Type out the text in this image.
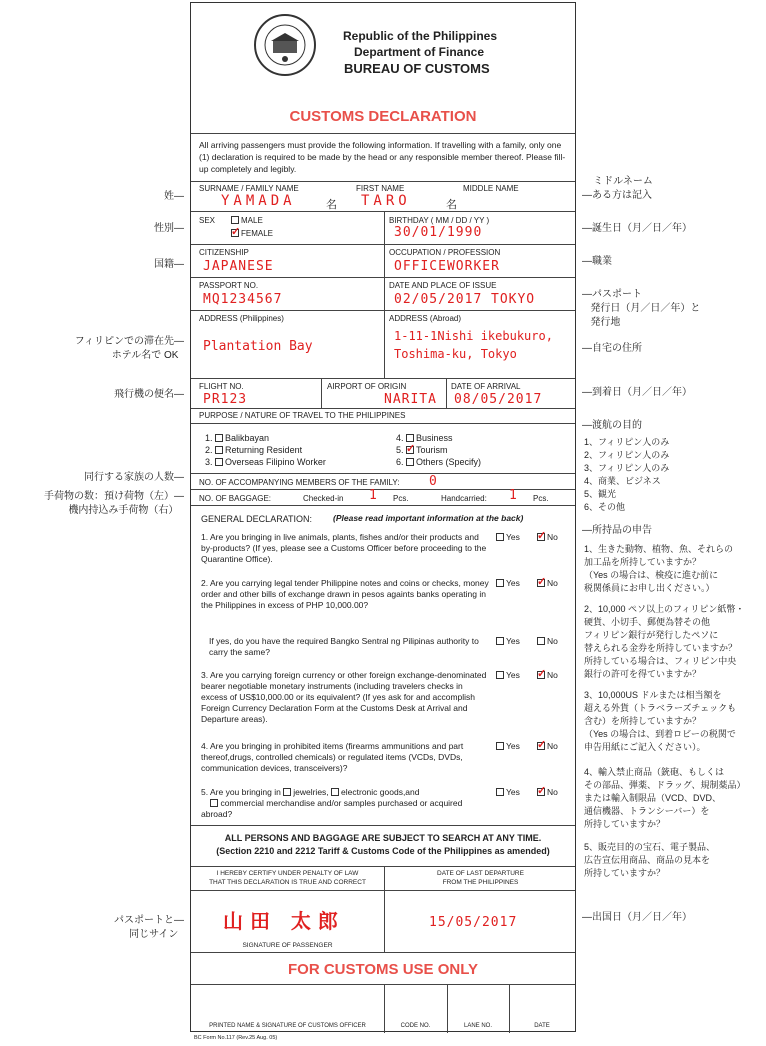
Republic of the Philippines
Department of Finance
BUREAU OF CUSTOMS
CUSTOMS DECLARATION
All arriving passengers must provide the following information. If travelling with a family, only one (1) declaration is required to be made by the head or any responsible member thereof. Please fill-up completely and legibly.
SURNAME / FAMILY NAME	FIRST NAME	MIDDLE NAME
YAMADA	TARO
名	名
SEX	MALE
✓FEMALE
BIRTHDAY ( MM / DD / YY )
30/01/1990
CITIZENSHIP
JAPANESE
OCCUPATION / PROFESSION
OFFICEWORKER
PASSPORT NO.
MQ1234567
DATE AND PLACE OF ISSUE
02/05/2017 TOKYO
ADDRESS (Philippines)
Plantation Bay
ADDRESS (Abroad)
1-11-1Nishi ikebukuro,
Toshima-ku, Tokyo
FLIGHT NO.
PR123
AIRPORT OF ORIGIN
NARITA
DATE OF ARRIVAL
08/05/2017
PURPOSE / NATURE OF TRAVEL TO THE PHILIPPINES
1. Balikbayan
2. Returning Resident
3. Overseas Filipino Worker
4. Business
5. ✓ Tourism
6. Others (Specify)
NO. OF ACCOMPANYING MEMBERS OF THE FAMILY: 0
NO. OF BAGGAGE:	Checked-in 1 Pcs.	Handcarried: 1 Pcs.
GENERAL DECLARATION: (Please read important information at the back)
1. Are you bringing in live animals, plants, fishes and/or their products and by-products? (If yes, please see a Customs Officer before proceeding to the Quarantine Office).
Yes ✓	No
2. Are you carrying legal tender Philippine notes and coins or checks, money order and other bills of exchange drawn in pesos againts banks operating in the Philippines in excess of PHP 10,000.00?
Yes ✓	No
If yes, do you have the required Bangko Sentral ng Pilipinas authority to carry the same?
Yes	No
3. Are you carrying foreign currency or other foreign exchange-denominated bearer negotiable monetary instruments (including travelers checks in excess of US$10,000.00 or its equivalent? (If yes ask for and accomplish Foreign Currency Declaration Form at the Customs Desk at Arrival and Departure areas).
Yes ✓	No
4. Are you bringing in prohibited items (firearms ammunitions and part thereof,drugs, controlled chemicals) or regulated items (VCDs, DVDs, communication devices, transceivers)?
Yes ✓	No
5. Are you bringing in jewelries, electronic goods,and
commercial merchandise and/or samples purchased or acquired abroad?
Yes ✓	No
ALL PERSONS AND BAGGAGE ARE SUBJECT TO SEARCH AT ANY TIME.
(Section 2210 and 2212 Tariff & Customs Code of the Philippines as amended)
I HEREBY CERTIFY UNDER PENALTY OF LAW
THAT THIS DECLARATION IS TRUE AND CORRECT
DATE OF LAST DEPARTURE
FROM THE PHILIPPINES
山 田   太 郎	15/05/2017
SIGNATURE OF PASSENGER
FOR CUSTOMS USE ONLY
PRINTED NAME & SIGNATURE OF CUSTOMS OFFICER	CODE NO.	LANE NO.	DATE
BC Form No.117 (Rev.25 Aug. 05)
姓—
性別—
国籍—
フィリピンでの滞在先—
ホテル名で OK
飛行機の便名—
同行する家族の人数—
手荷物の数：預け荷物（左）—
機内持込み手荷物（右）
パスポートと—
同じサイン
ミドルネーム
—ある方は記入
—誕生日（月／日／年）
—職業
—パスポート
発行日（月／日／年）と
発行地
—自宅の住所
—到着日（月／日／年）
—渡航の目的
1、フィリピン人のみ
2、フィリピン人のみ
3、フィリピン人のみ
4、商業、ビジネス
5、観光
6、その他
—所持品の申告
1、生きた動物、植物、魚、それらの
加工品を所持していますか？
（Yes の場合は、検疫に進む前に
税関係員にお申し出ください。）
2、10,000 ペソ以上のフィリピン紙幣・
硬貨、小切手、郵便為替その他
フィリピン銀行が発行したペソに
替えられる金券を所持していますか？
所持している場合は、フィリピン中央
銀行の許可を得ていますか？
3、10,000US ドルまたは相当額を
超える外貨（トラベラーズチェックも
含む）を所持していますか？
（Yes の場合は、到着ロビーの税関で
申告用紙にご記入ください）。
4、輸入禁止商品（銃砲、もしくは
その部品、弾薬、ドラッグ、規制薬品）
または輸入制限品（VCD、DVD、
通信機器、トランシーバー）を
所持していますか？
5、販売目的の宝石、電子製品、
広告宣伝用商品、商品の見本を
所持していますか？
—出国日（月／日／年）
